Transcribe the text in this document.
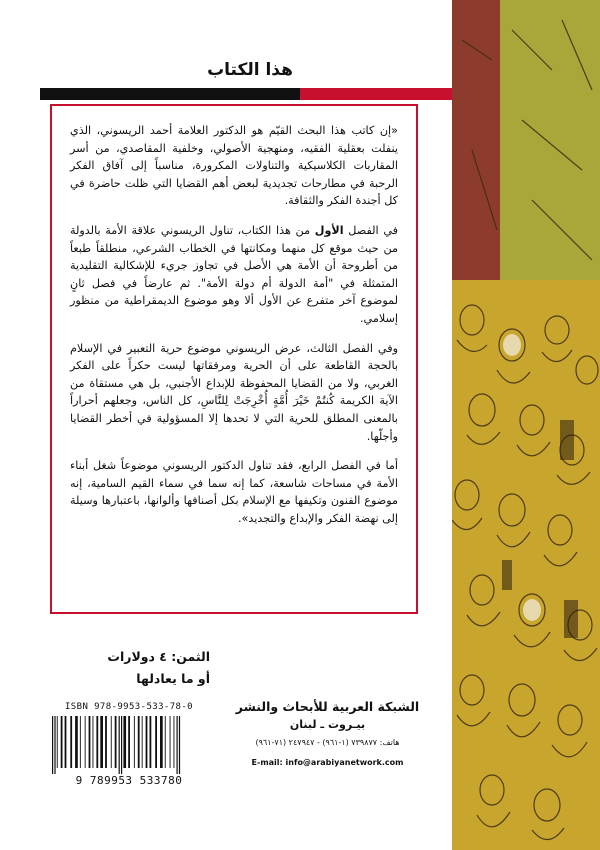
هذا الكتاب

«إن كاتب هذا البحث القيّم هو الدكتور العلامة أحمد الريسوني، الذي ينفلت بعقلية الفقيه، ومنهجية الأصولي، وخلفية المقاصدي، من أسر المقاربات الكلاسيكية والتناولات المكرورة، مناسباً إلى آفاق الفكر الرحبة في مطارحات تجديدية لبعض أهم القضايا التي ظلت حاضرة في كل أجندة الفكر والثقافة.

في الفصل الأول من هذا الكتاب، تناول الريسوني علاقة الأمة بالدولة من حيث موقع كل منهما ومكانتها في الخطاب الشرعي، منطلقاً طبعاً من أطروحة أن الأمة هي الأصل في تجاوز جريء للإشكالية التقليدية المتمثلة في "أمة الدولة أم دولة الأمة". ثم عارضاً في فصل ثانٍ لموضوع آخر متفرع عن الأول ألا وهو موضوع الديمقراطية من منظور إسلامي.

وفي الفصل الثالث، عرض الريسوني موضوع حرية التعبير في الإسلام بالحجة القاطعة على أن الحرية ومرفقاتها ليست حكراً على الفكر الغربي، ولا من القضايا المحفوظة للإبداع الأجنبي، بل هي مستقاة من الآية الكريمة كُنتُمْ خَيْرَ أُمَّةٍ أُخْرِجَتْ لِلنَّاسِ، كل الناس، وجعلهم أحراراً بالمعنى المطلق للحرية التي لا تحدها إلا المسؤولية في أخطر القضايا وأجلّها.

أما في الفصل الرابع، فقد تناول الدكتور الريسوني موضوعاً شغل أبناء الأمة في مساحات شاسعة، كما إنه سما في سماء القيم السامية، إنه موضوع الفنون وتكيفها مع الإسلام بكل أصنافها وألوانها، باعتبارها وسيلة إلى نهضة الفكر والإبداع والتجديد».

الثمن: ٤ دولارات
أو ما يعادلها
ISBN 978-9953-533-78-0
9 789953 533780
الشبكة العربية للأبحاث والنشر
بيـروت ـ لبنان
هاتف: ٧٣٩٨٧٧ (١-٩٦١) - ٢٤٧٩٤٧ (٧١-٩٦١)
E-mail: info@arabiyanetwork.com
